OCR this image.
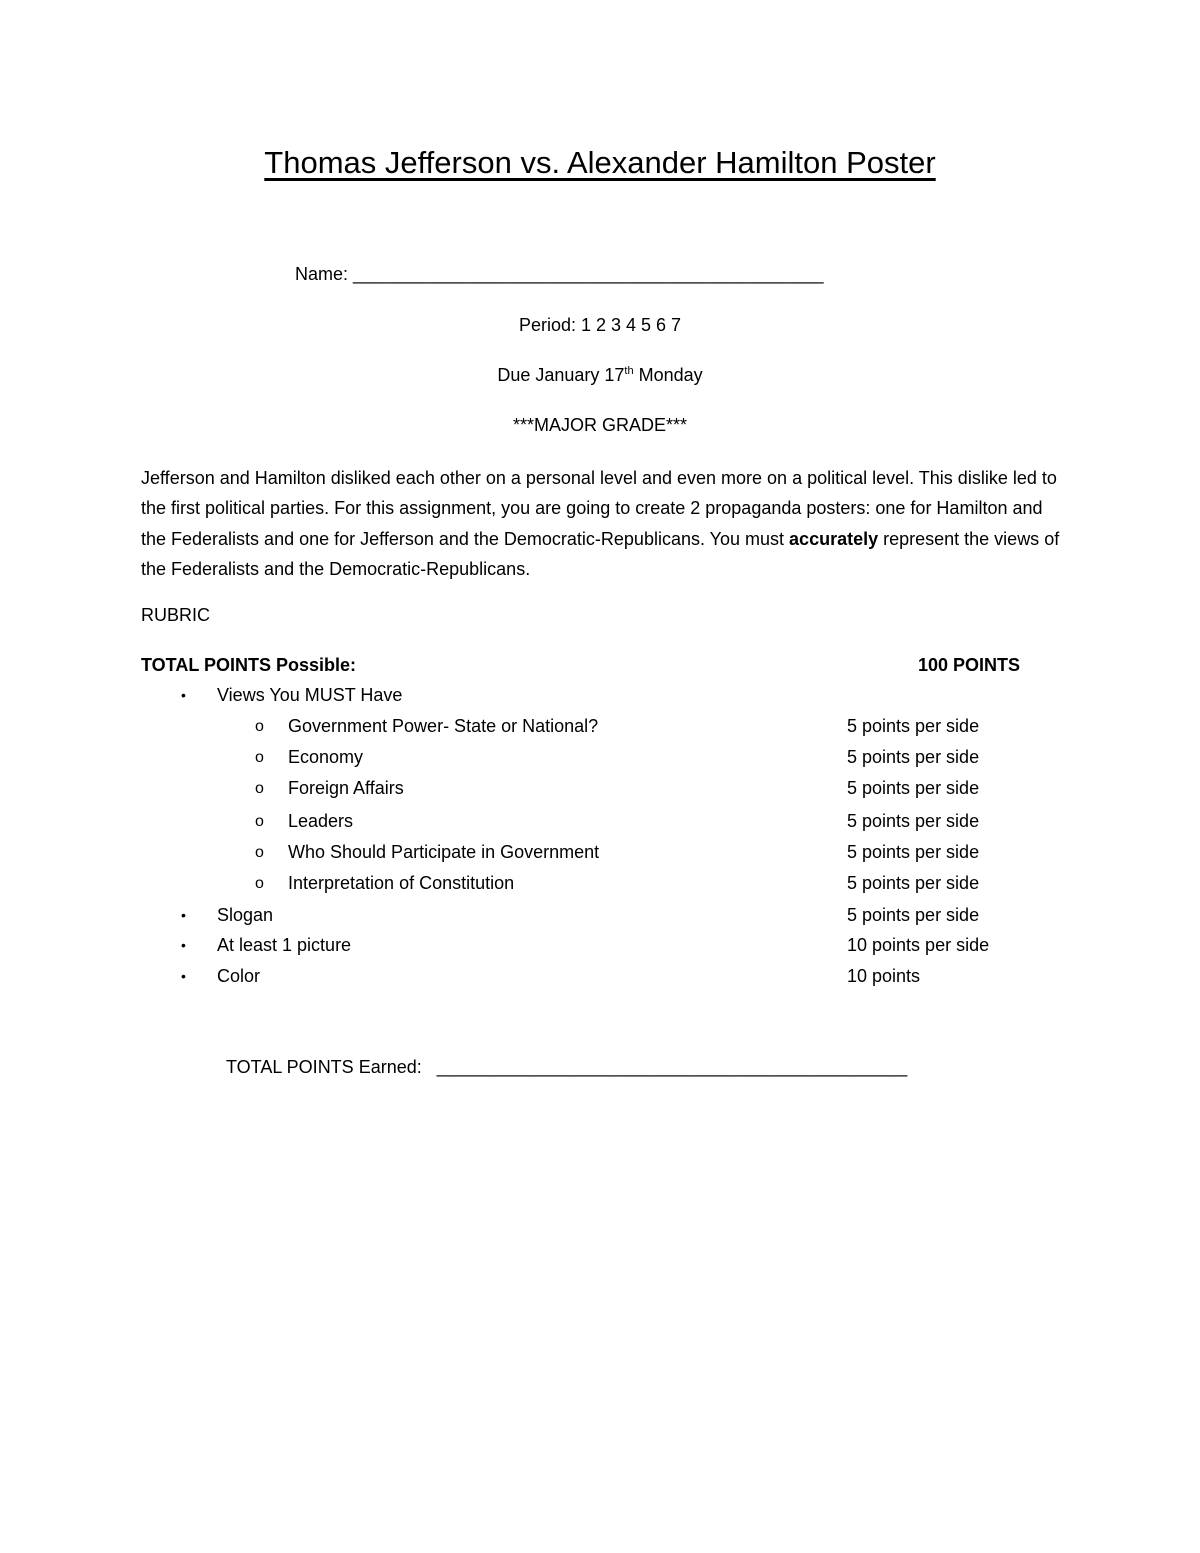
Thomas Jefferson vs. Alexander Hamilton Poster
Name: _______________________________________________
Period: 1 2 3 4 5 6 7
Due January 17th Monday
***MAJOR GRADE***
Jefferson and Hamilton disliked each other on a personal level and even more on a political level. This dislike led to the first political parties. For this assignment, you are going to create 2 propaganda posters: one for Hamilton and the Federalists and one for Jefferson and the Democratic-Republicans. You must accurately represent the views of the Federalists and the Democratic-Republicans.
RUBRIC
TOTAL POINTS Possible:	100 POINTS
• Views You MUST Have
o Government Power- State or National?	5 points per side
o Economy	5 points per side
o Foreign Affairs	5 points per side
o Leaders	5 points per side
o Who Should Participate in Government	5 points per side
o Interpretation of Constitution	5 points per side
• Slogan	5 points per side
• At least 1 picture	10 points per side
• Color	10 points
TOTAL POINTS Earned: _______________________________________________
